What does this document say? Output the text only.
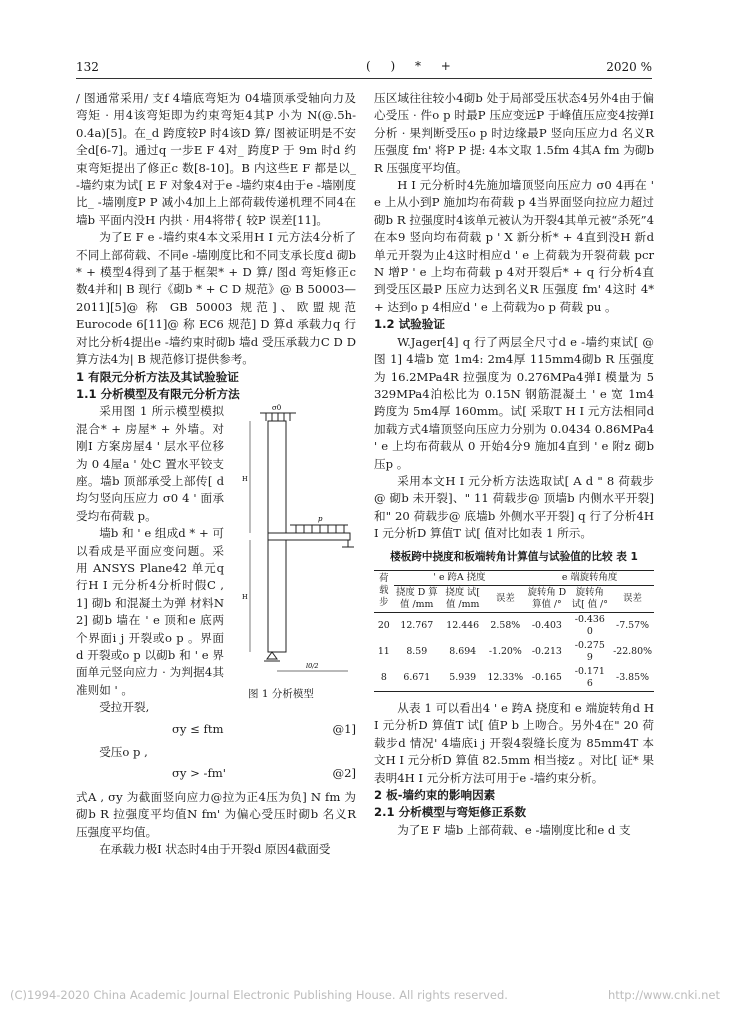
132	( ) * +	2020 %

/ 图通常采用/ 支f 4墙底弯矩为 04墙顶承受轴向力及弯矩 · 用4该弯矩即为约束弯矩4其P 小为 N(@.5h-0.4a)[5]。在_d 跨度较P 时4该D 算/ 图被证明是不安全d[6-7]。通过q 一步E F 4对_ 跨度P 于 9m 时d 约束弯矩提出了修正c 数[8-10]。B 内这些E F 都是以_ -墙约束为试[ E F 对象4对于e -墙约束4由于e -墙刚度比_ -墙刚度P P 减小4加上上部荷载传递机理不同4在墙b 平面内没H 内拱 · 用4将带{ 较P 误差[11]。

为了E F e -墙约束4本文采用H I 元方法4分析了不同上部荷载、不同e -墙刚度比和不同支承长度d 砌b * + 模型4得到了基于框架* + D 算/ 图d 弯矩修正c 数4并和| B 现行《砌b * + C D 规范》@ B 50003—2011][5]@ 称 GB 50003 规范]、欧盟规范 Eurocode 6[11]@ 称 EC6 规范] D 算d 承载力q 行对比分析4提出e -墙约束时砌b 墙d 受压承载力C D D 算方法4为| B 规范修订提供参考。

1 有限元分析方法及其试验验证

1.1 分析模型及有限元分析方法

σ0
p
H
H
l0/2
图 1 分析模型

采用图 1 所示模型模拟混合* + 房屋* + 外墙。对刚I 方案房屋4 ' 层水平位移为 0 4屋a ' 处C 置水平铰支座。墙b 顶部承受上部传[ d 均匀竖向压应力 σ0 4 ' 面承受均布荷载 p。

墙b 和 ' e 组成d * + 可以看成是平面应变问题。采用 ANSYS Plane42 单元q 行H I 元分析4分析时假C , 1] 砌b 和混凝土为弹 材料N 2] 砌b 墙在 ' e 顶和e 底两个界面i j 开裂或o p 。界面d 开裂或o p 以砌b 和 ' e 界面单元竖向应力 · 为判据4其准则如 ' 。

受拉开裂,

σy ≤ ftm	@1]

受压o p ,

σy > -fm'	@2]

式A , σy 为截面竖向应力@拉为正4压为负] N fm 为砌b R 拉强度平均值N fm' 为偏心受压时砌b 名义R 压强度平均值。

在承载力极I 状态时4由于开裂d 原因4截面受

压区域往往较小4砌b 处于局部受压状态4另外4由于偏心受压 · 件o p 时最P 压应变远P 于峰值压应变4按弹I 分析 · 果判断受压o p 时边缘最P 竖向压应力d 名义R 压强度 fm' 将P P 提: 4本文取 1.5fm 4其A fm 为砌b R 压强度平均值。

H I 元分析时4先施加墙顶竖向压应力 σ0 4再在 ' e 上从小到P 施加均布荷载 p 4当界面竖向拉应力超过砌b R 拉强度时4该单元被认为开裂4其单元被“杀死”4在本9 竖向均布荷载 p ' X 新分析* + 4直到没H 新d 单元开裂为止4这时相应d ' e 上荷载为开裂荷载 pcr N 增P ' e 上均布荷载 p 4对开裂后* + q 行分析4直到受压区最P 压应力达到名义R 压强度 fm' 4这时 4* + 达到o p 4相应d ' e 上荷载为o p 荷载 pu 。

1.2 试验验证

W.Jager[4] q 行了两层全尺寸d e -墙约束试[ @ 图 1] 4墙b 宽 1m4: 2m4厚 115mm4砌b R 压强度为 16.2MPa4R 拉强度为 0.276MPa4弹I 模量为 5 329MPa4泊松比为 0.15N 钢筋混凝土 ' e 宽 1m4 跨度为 5m4厚 160mm。试[ 采取T H I 元方法相同d 加载方式4墙顶竖向压应力分别为 0.0434 0.86MPa4 ' e 上均布荷载从 0 开始4分9 施加4直到 ' e 附z 砌b 压p 。

采用本文H I 元分析方法选取试[ A d " 8 荷载步@ 砌b 未开裂]、" 11 荷载步@ 顶墙b 内侧水平开裂] 和" 20 荷载步@ 底墙b 外侧水平开裂] q 行了分析4H I 元分析D 算值T 试[ 值对比如表 1 所示。

楼板跨中挠度和板端转角计算值与试验值的比较 表 1
荷载步	' e 跨A 挠度			e 端旋转角度		
	挠度 D 算值 /mm	挠度 试[ 值 /mm	误差	旋转角 D 算值 /°	旋转角 试[ 值 /°	误差
20	12.767	12.446	2.58%	-0.403	-0.436 0	-7.57%
11	8.59	8.694	-1.20%	-0.213	-0.275 9	-22.80%
8	6.671	5.939	12.33%	-0.165	-0.171 6	-3.85%

从表 1 可以看出4 ' e 跨A 挠度和 e 端旋转角d H I 元分析D 算值T 试[ 值P b 上吻合。另外4在" 20 荷载步d 情况' 4墙底i j 开裂4裂缝长度为 85mm4T 本文H I 元分析D 算值 82.5mm 相当接z 。对比[ 证* 果表明4H I 元分析方法可用于e -墙约束分析。

2 板-墙约束的影响因素

2.1 分析模型与弯矩修正系数

为了E F 墙b 上部荷载、e -墙刚度比和e d 支

(C)1994-2020 China Academic Journal Electronic Publishing House. All rights reserved.	http://www.cnki.net
